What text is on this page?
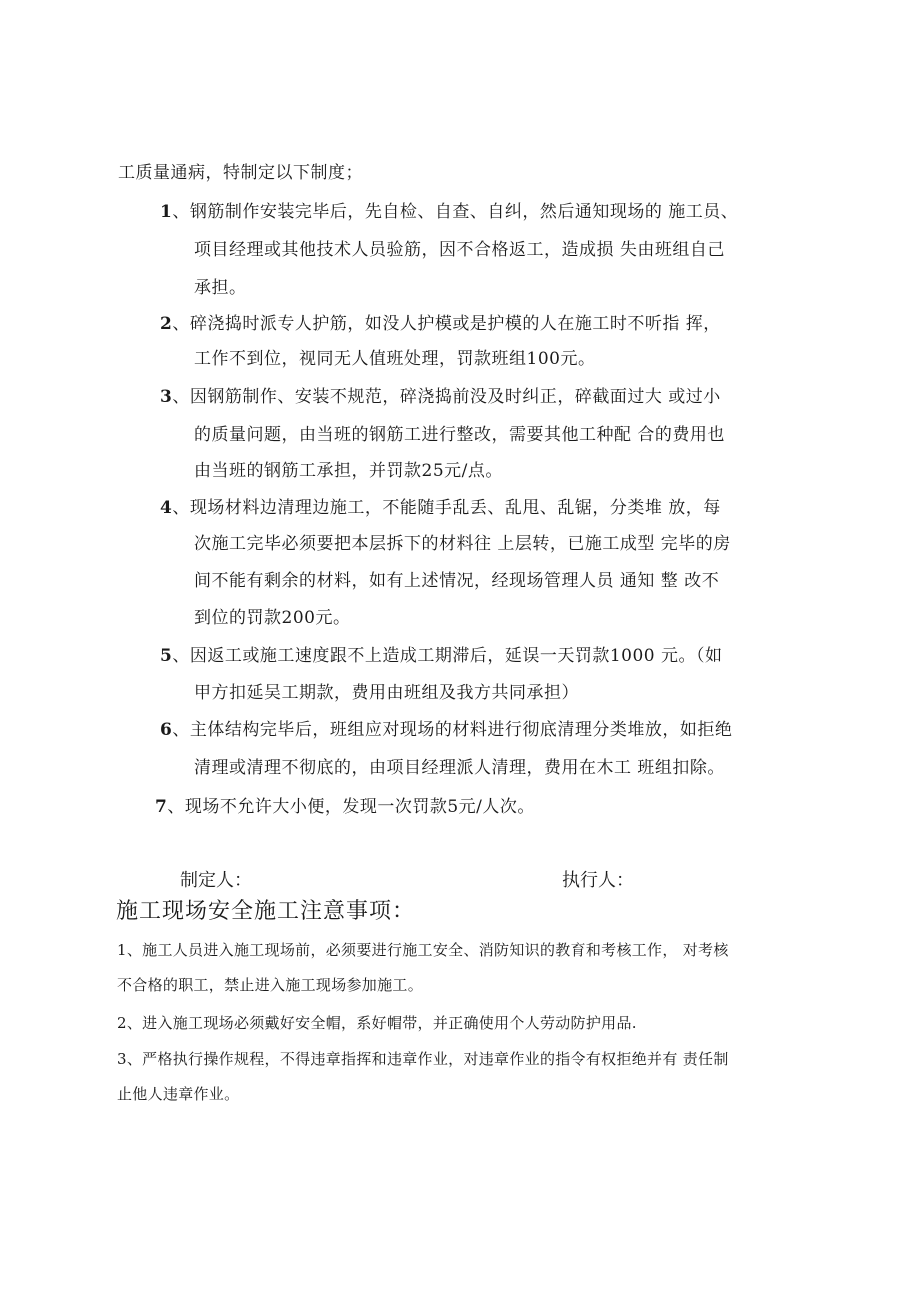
工质量通病，特制定以下制度；
1、钢筋制作安装完毕后，先自检、自查、自纠，然后通知现场的 施工员、
项目经理或其他技术人员验筋，因不合格返工，造成损 失由班组自己
承担。
2、碎浇捣时派专人护筋，如没人护模或是护模的人在施工时不听指 挥，
工作不到位，视同无人值班处理，罚款班组100元。
3、因钢筋制作、安装不规范，碎浇捣前没及时纠正，碎截面过大 或过小
的质量问题，由当班的钢筋工进行整改，需要其他工种配 合的费用也
由当班的钢筋工承担，并罚款25元/点。
4、现场材料边清理边施工，不能随手乱丢、乱甩、乱锯，分类堆 放，每
次施工完毕必须要把本层拆下的材料往 上层转，已施工成型 完毕的房
间不能有剩余的材料，如有上述情况，经现场管理人员 通知 整 改不
到位的罚款200元。
5、因返工或施工速度跟不上造成工期滞后，延误一天罚款1000 元。（如
甲方扣延吴工期款，费用由班组及我方共同承担）
6、主体结构完毕后，班组应对现场的材料进行彻底清理分类堆放，如拒绝
清理或清理不彻底的，由项目经理派人清理，费用在木工 班组扣除。
7、现场不允许大小便，发现一次罚款5元/人次。
制定人：	执行人：
施工现场安全施工注意事项：
1、施工人员进入施工现场前，必须要进行施工安全、消防知识的教育和考核工作， 对考核
不合格的职工，禁止进入施工现场参加施工。
2、进入施工现场必须戴好安全帽，系好帽带，并正确使用个人劳动防护用品.
3、严格执行操作规程，不得违章指挥和违章作业，对违章作业的指令有权拒绝并有 责任制
止他人违章作业。
